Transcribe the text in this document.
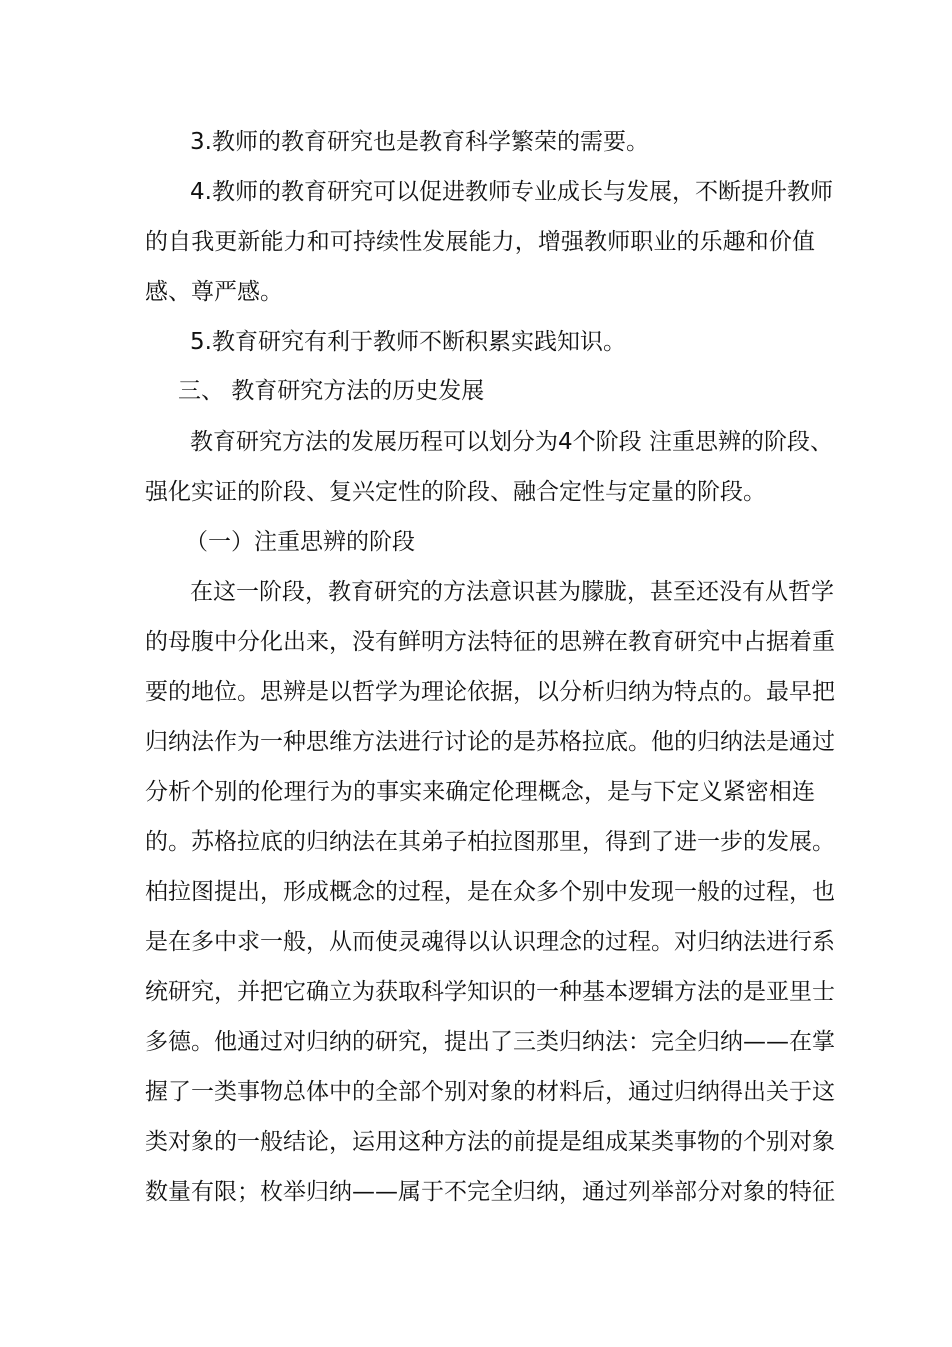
3.教师的教育研究也是教育科学繁荣的需要。
4.教师的教育研究可以促进教师专业成长与发展，不断提升教师
的自我更新能力和可持续性发展能力，增强教师职业的乐趣和价值
感、尊严感。
5.教育研究有利于教师不断积累实践知识。
三、 教育研究方法的历史发展
教育研究方法的发展历程可以划分为4个阶段 注重思辨的阶段、
强化实证的阶段、复兴定性的阶段、融合定性与定量的阶段。
（一）注重思辨的阶段
在这一阶段，教育研究的方法意识甚为朦胧，甚至还没有从哲学
的母腹中分化出来，没有鲜明方法特征的思辨在教育研究中占据着重
要的地位。思辨是以哲学为理论依据，以分析归纳为特点的。最早把
归纳法作为一种思维方法进行讨论的是苏格拉底。他的归纳法是通过
分析个别的伦理行为的事实来确定伦理概念，是与下定义紧密相连
的。苏格拉底的归纳法在其弟子柏拉图那里，得到了进一步的发展。
柏拉图提出，形成概念的过程，是在众多个别中发现一般的过程，也
是在多中求一般，从而使灵魂得以认识理念的过程。对归纳法进行系
统研究，并把它确立为获取科学知识的一种基本逻辑方法的是亚里士
多德。他通过对归纳的研究，提出了三类归纳法：完全归纳——在掌
握了一类事物总体中的全部个别对象的材料后，通过归纳得出关于这
类对象的一般结论，运用这种方法的前提是组成某类事物的个别对象
数量有限；枚举归纳——属于不完全归纳，通过列举部分对象的特征
